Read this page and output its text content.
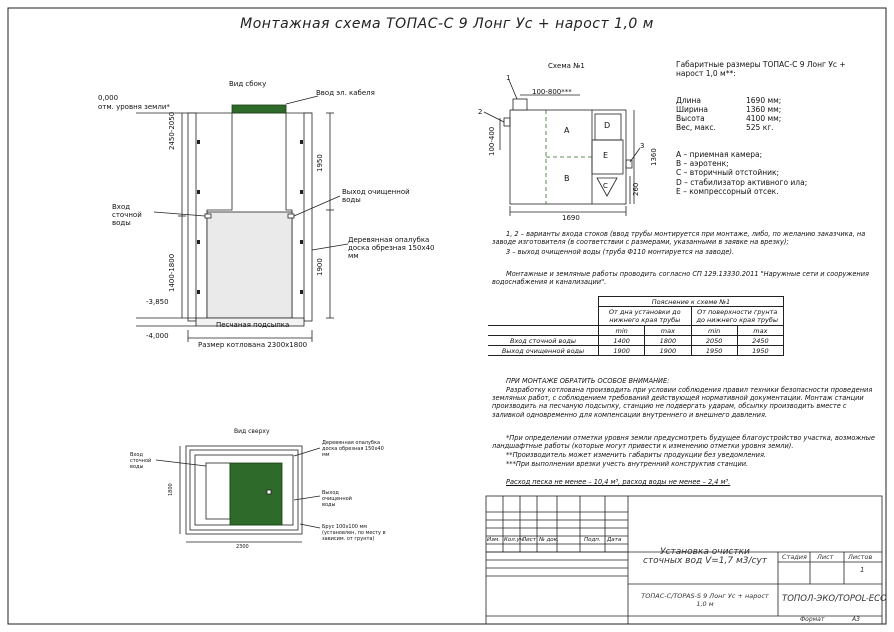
Монтажная схема ТОПАС-С 9 Лонг Ус + нарост 1,0 м
Вид сбоку
0,000
отм. уровня земли*
Ввод эл. кабеля
2450-2050
1400-1800
1950
1900
-3,850
-4,000
Вход сточной воды
Выход очищенной воды
Деревянная опалубка доска обрезная 150х40 мм
Песчаная подсыпка
Размер котлована 2300х1800
Схема №1
1
2
3
100-800***
100-400
1360
260
1690
A
B
C
D
E
Габаритные размеры ТОПАС-С 9 Лонг Ус + нарост 1,0 м**:
Длина	1690 мм;
Ширина	1360 мм;
Высота	4100 мм;
Вес, макс.	525 кг.
А – приемная камера;
В – аэротенк;
С – вторичный отстойник;
D – стабилизатор активного ила;
Е – компрессорный отсек.
1, 2 – варианты входа стоков (ввод трубы монтируется при монтаже, либо, по желанию заказчика, на заводе изготовителя (в соответствии с размерами, указанными в заявке на врезку);
3 – выход очищенной воды (труба Ф110 монтируется на заводе).
Монтажные и земляные работы проводить согласно СП 129.13330.2011 "Наружные сети и сооружения водоснабжения и канализации".
	Пояснение к схеме №1			
	От дна установки до нижнего края трубы		От поверхности грунта до нижнего края трубы	
	min	max	min	max
Вход сточной воды	1400	1800	2050	2450
Выход очищенной воды	1900	1900	1950	1950
ПРИ МОНТАЖЕ ОБРАТИТЬ ОСОБОЕ ВНИМАНИЕ:
Разработку котлована производить при условии соблюдения правил техники безопасности проведения земляных работ, с соблюдением требований действующей нормативной документации. Монтаж станции производить на песчаную подсыпку, станцию не подвергать ударам, обсыпку производить вместе с заливкой одновременно для компенсации внутреннего и внешнего давления.
*При определении отметки уровня земли предусмотреть будущее благоустройство участка, возможные ландшафтные работы (которые могут привести к изменению отметки уровня земли).
**Производитель может изменить габариты продукции без уведомления.
***При выполнении врезки учесть внутренний конструктив станции.
Расход песка не менее – 10,4 м³, расход воды не менее – 2,4 м³.
Вид сверху
Деревянная опалубка доска обрезная 150х40 мм
Вход сточной воды
Выход очищенной воды
Брус 100х100 мм (установлен, по месту в зависим. от грунта)
2300
1800
Изм. Кол.уч.
Лист № док.	Подп. Дата
Установка очистки сточных вод V=1,7 м3/сут	Стадия Лист Листов
1
ТОПАС-С/TOPAS-S 9 Лонг Ус + нарост 1,0 м	ТОПОЛ-ЭКО/TOPOL-ECO
Формат	А3
